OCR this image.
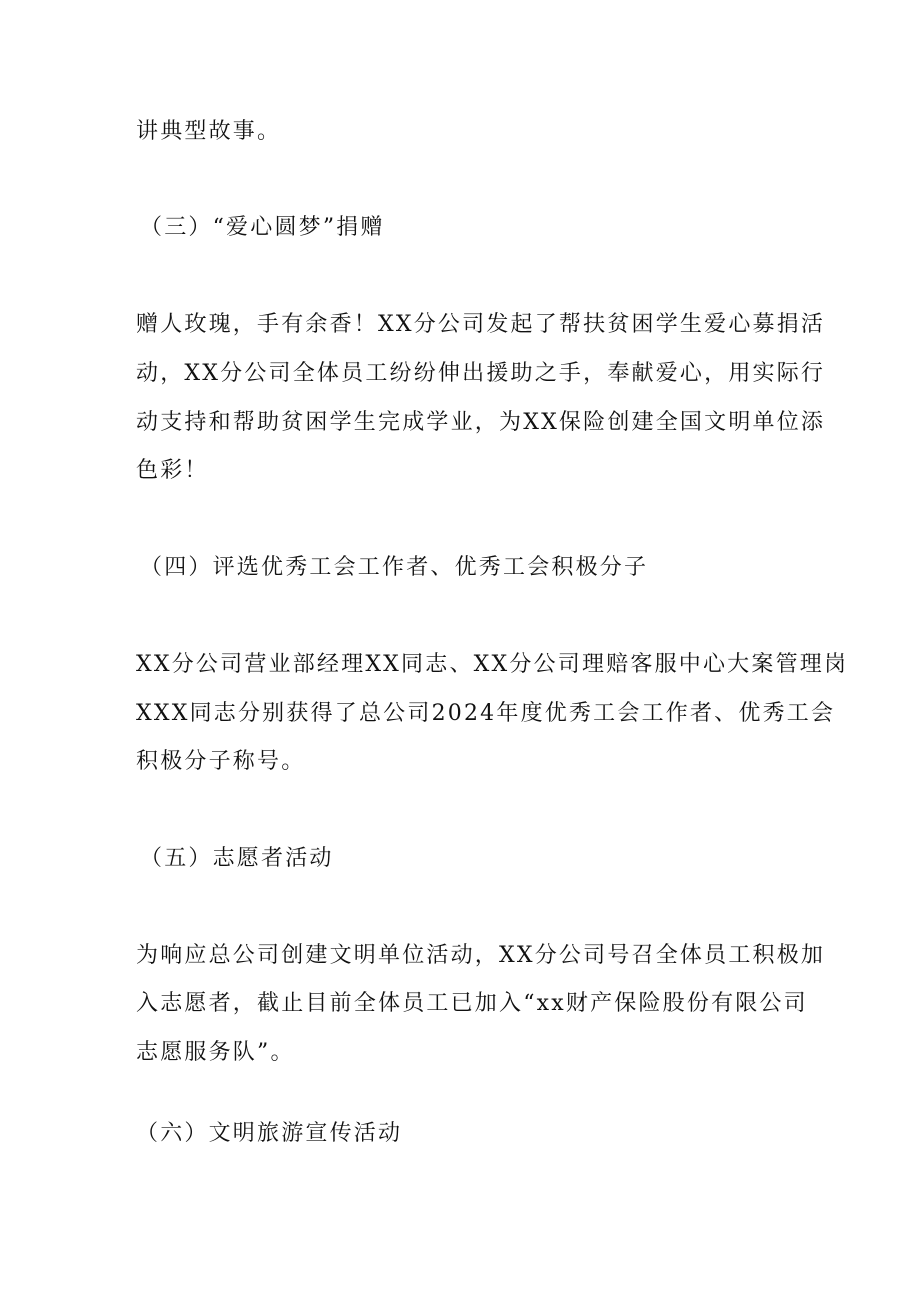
讲典型故事。
（三）“爱心圆梦”捐赠
赠人玫瑰，手有余香！XX分公司发起了帮扶贫困学生爱心募捐活
动，XX分公司全体员工纷纷伸出援助之手，奉献爱心，用实际行
动支持和帮助贫困学生完成学业，为XX保险创建全国文明单位添
色彩！
（四）评选优秀工会工作者、优秀工会积极分子
XX分公司营业部经理XX同志、XX分公司理赔客服中心大案管理岗
XXX同志分别获得了总公司2024年度优秀工会工作者、优秀工会
积极分子称号。
（五）志愿者活动
为响应总公司创建文明单位活动，XX分公司号召全体员工积极加
入志愿者，截止目前全体员工已加入“xx财产保险股份有限公司
志愿服务队”。
（六）文明旅游宣传活动
